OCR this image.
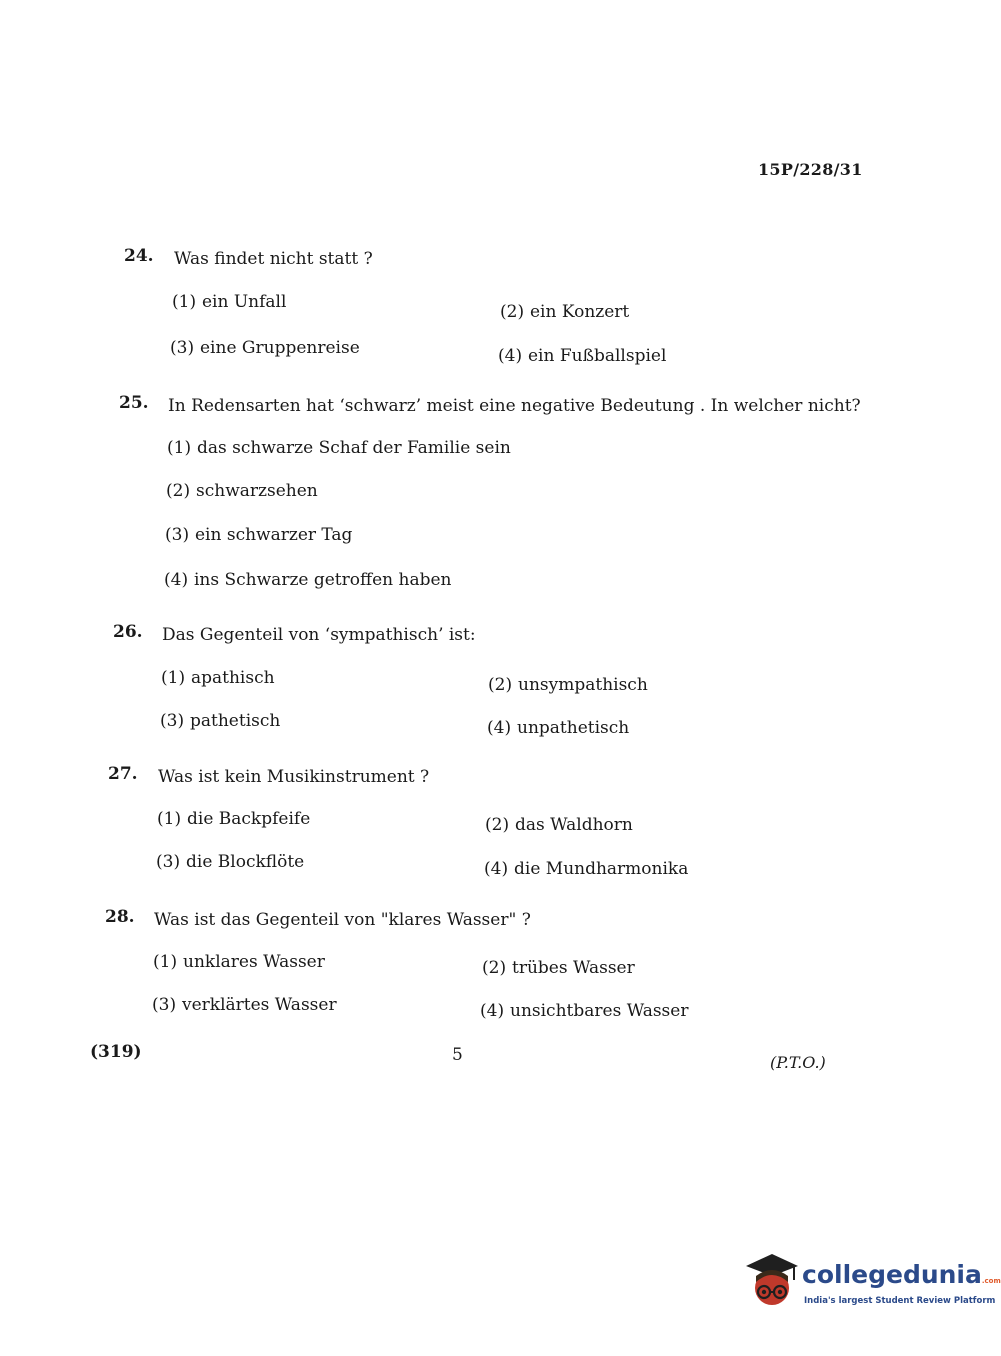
15P/228/31
24. Was findet nicht statt ?
(1) ein Unfall	(2) ein Konzert
(3) eine Gruppenreise	(4) ein Fußballspiel
25. In Redensarten hat ‘schwarz’ meist eine negative Bedeutung . In welcher nicht?
(1) das schwarze Schaf der Familie sein
(2) schwarzsehen
(3) ein schwarzer Tag
(4) ins Schwarze getroffen haben
26. Das Gegenteil von ‘sympathisch’ ist:
(1) apathisch	(2) unsympathisch
(3) pathetisch	(4) unpathetisch
27. Was ist kein Musikinstrument ?
(1) die Backpfeife	(2) das Waldhorn
(3) die Blockflöte	(4) die Mundharmonika
28. Was ist das Gegenteil von "klares Wasser" ?
(1) unklares Wasser	(2) trübes Wasser
(3) verklärtes Wasser	(4) unsichtbares Wasser
(319)	5	(P.T.O.)
collegedunia.com
India's largest Student Review Platform
